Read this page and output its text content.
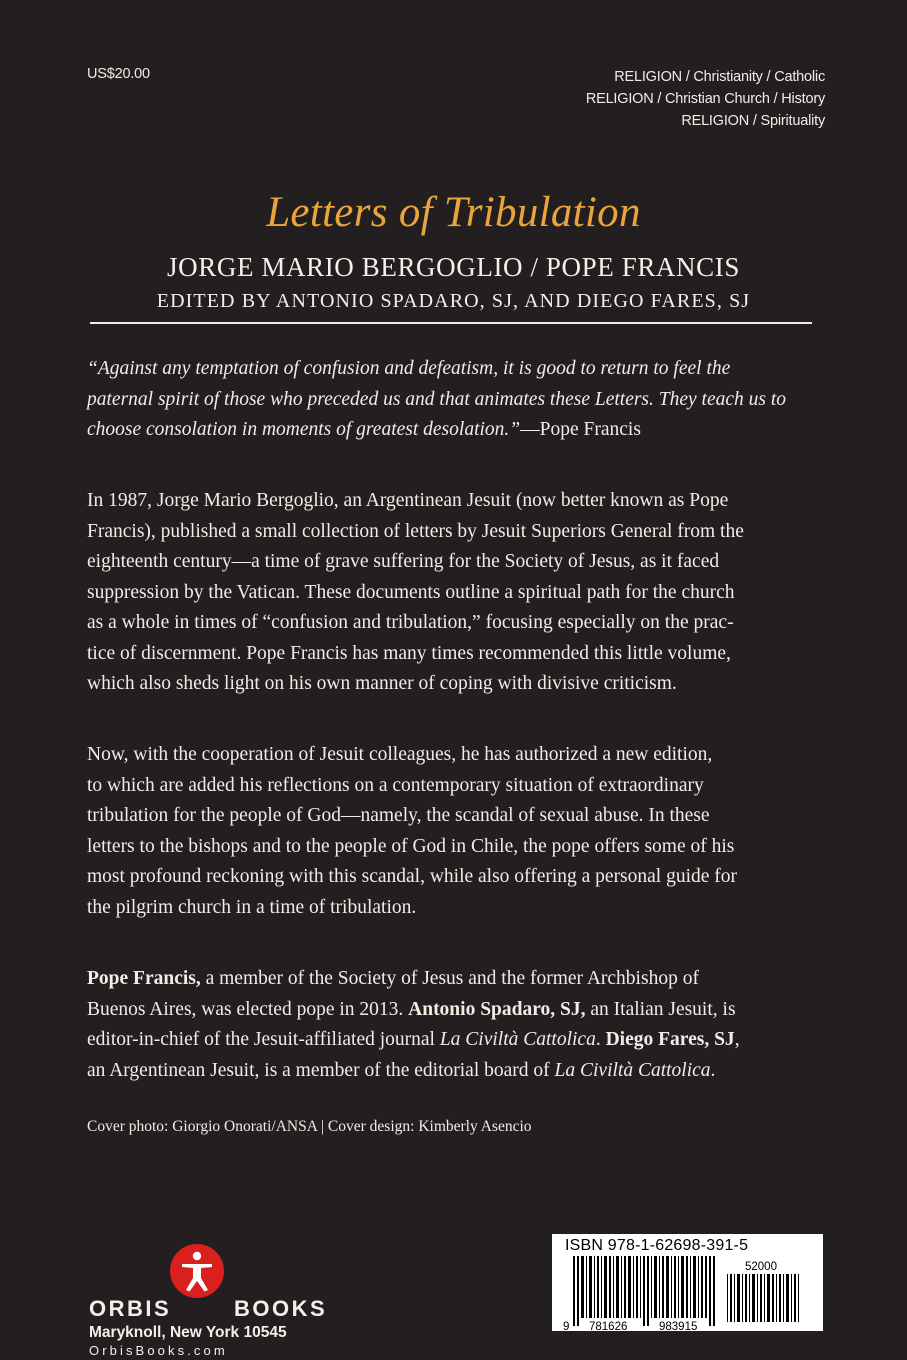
US$20.00	RELIGION / Christianity / Catholic
RELIGION / Christian Church / History
RELIGION / Spirituality
Letters of Tribulation
JORGE MARIO BERGOGLIO / POPE FRANCIS
EDITED BY ANTONIO SPADARO, SJ, AND DIEGO FARES, SJ
“Against any temptation of confusion and defeatism, it is good to return to feel the
paternal spirit of those who preceded us and that animates these Letters. They teach us to
choose consolation in moments of greatest desolation.”—Pope Francis
In 1987, Jorge Mario Bergoglio, an Argentinean Jesuit (now better known as Pope
Francis), published a small collection of letters by Jesuit Superiors General from the
eighteenth century—a time of grave suffering for the Society of Jesus, as it faced
suppression by the Vatican. These documents outline a spiritual path for the church
as a whole in times of “confusion and tribulation,” focusing especially on the prac-
tice of discernment. Pope Francis has many times recommended this little volume,
which also sheds light on his own manner of coping with divisive criticism.
Now, with the cooperation of Jesuit colleagues, he has authorized a new edition,
to which are added his reflections on a contemporary situation of extraordinary
tribulation for the people of God—namely, the scandal of sexual abuse. In these
letters to the bishops and to the people of God in Chile, the pope offers some of his
most profound reckoning with this scandal, while also offering a personal guide for
the pilgrim church in a time of tribulation.
Pope Francis, a member of the Society of Jesus and the former Archbishop of
Buenos Aires, was elected pope in 2013. Antonio Spadaro, SJ, an Italian Jesuit, is
editor-in-chief of the Jesuit-affiliated journal La Civiltà Cattolica. Diego Fares, SJ,
an Argentinean Jesuit, is a member of the editorial board of La Civiltà Cattolica.
Cover photo: Giorgio Onorati/ANSA | Cover design: Kimberly Asencio
ORBIS	BOOKS
Maryknoll, New York 10545
OrbisBooks.com
ISBN 978-1-62698-391-5
52000
9 781626	983915
